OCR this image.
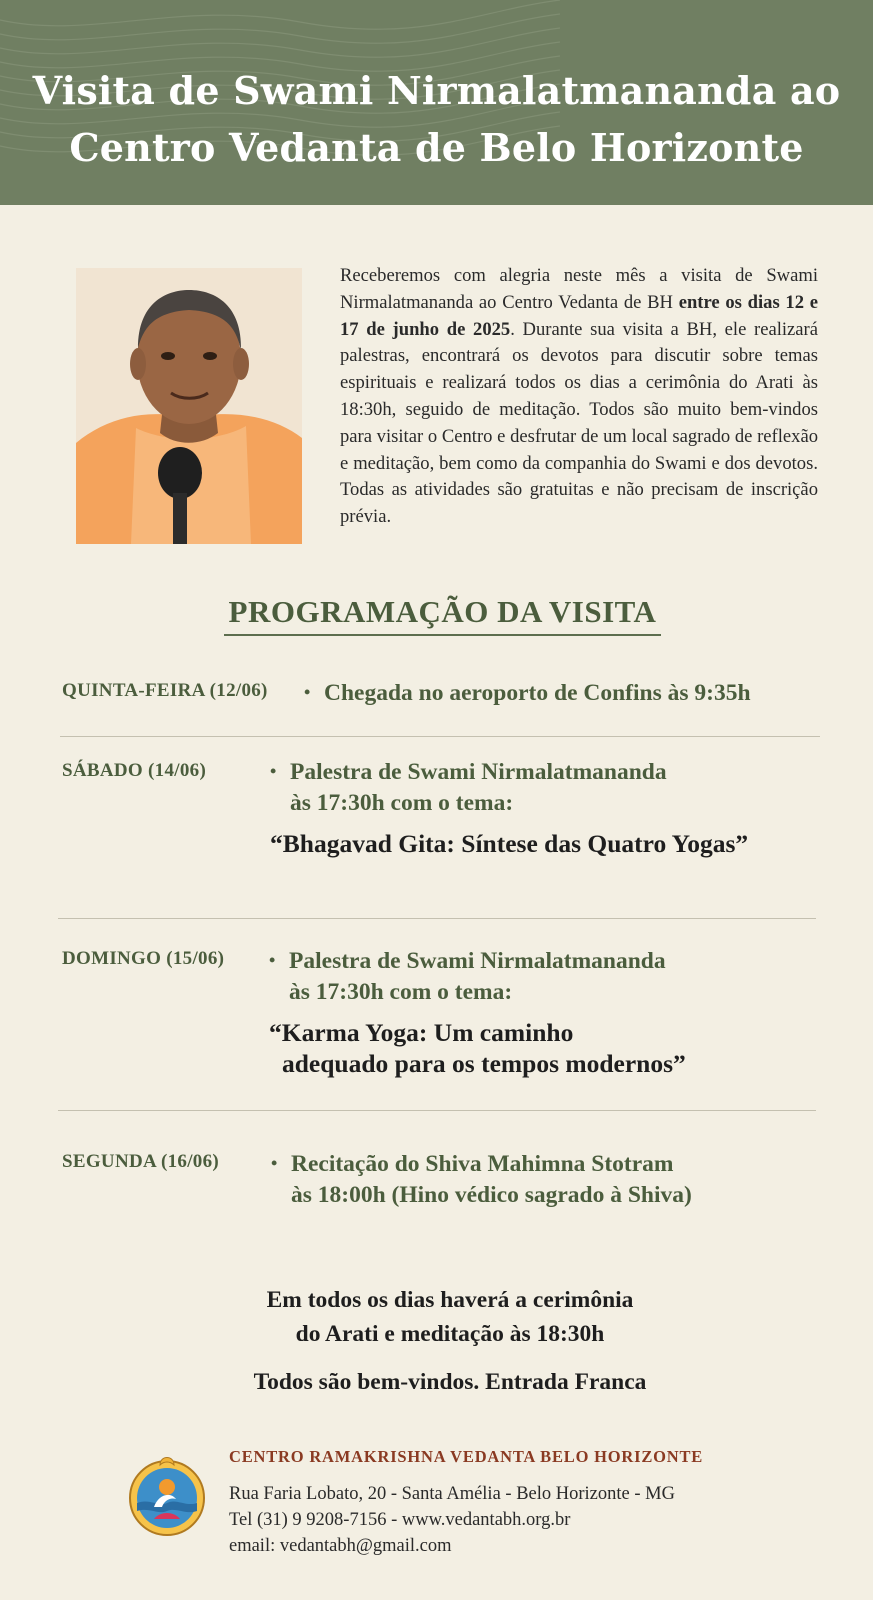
Visita de Swami Nirmalatmananda ao
Centro Vedanta de Belo Horizonte

Receberemos com alegria neste mês a visita de Swami Nirmalatmananda ao Centro Vedanta de BH entre os dias 12 e 17 de junho de 2025. Durante sua visita a BH, ele realizará palestras, encontrará os devotos para discutir sobre temas espirituais e realizará todos os dias a cerimônia do Arati às 18:30h, seguido de meditação. Todos são muito bem-vindos para visitar o Centro e desfrutar de um local sagrado de reflexão e meditação, bem como da companhia do Swami e dos devotos. Todas as atividades são gratuitas e não precisam de inscrição prévia.

PROGRAMAÇÃO DA VISITA
QUINTA-FEIRA (12/06) • Chegada no aeroporto de Confins às 9:35h
SÁBADO (14/06)	• Palestra de Swami Nirmalatmananda
às 17:30h com o tema:
“Bhagavad Gita: Síntese das Quatro Yogas”
DOMINGO (15/06) • Palestra de Swami Nirmalatmananda
às 17:30h com o tema:
“Karma Yoga: Um caminho
adequado para os tempos modernos”
SEGUNDA (16/06)	• Recitação do Shiva Mahimna Stotram
às 18:00h (Hino védico sagrado à Shiva)

Em todos os dias haverá a cerimônia
do Arati e meditação às 18:30h

Todos são bem-vindos. Entrada Franca

CENTRO RAMAKRISHNA VEDANTA BELO HORIZONTE
Rua Faria Lobato, 20 - Santa Amélia - Belo Horizonte - MG
Tel (31) 9 9208-7156 - www.vedantabh.org.br
email: vedantabh@gmail.com
